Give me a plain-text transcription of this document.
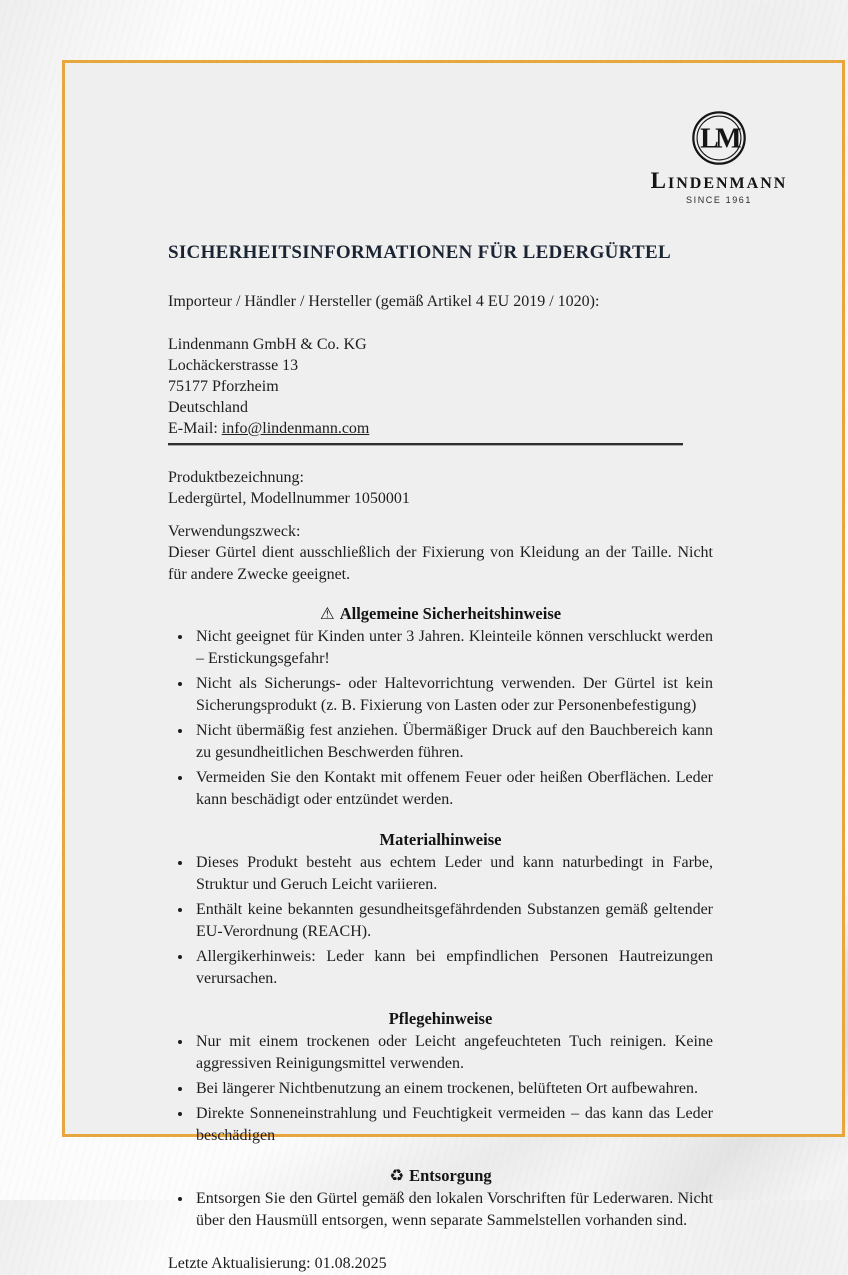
LM
Lindenmann
SINCE 1961
SICHERHEITSINFORMATIONEN FÜR LEDERGÜRTEL

Importeur / Händler / Hersteller (gemäß Artikel 4 EU 2019 / 1020):

Lindenmann GmbH & Co. KG
Lochäckerstrasse 13
75177 Pforzheim
Deutschland
E-Mail: info@lindenmann.com

Produktbezeichnung:
Ledergürtel, Modellnummer 1050001

Verwendungszweck:
Dieser Gürtel dient ausschließlich der Fixierung von Kleidung an der Taille. Nicht für andere Zwecke geeignet.

⚠ Allgemeine Sicherheitshinweise
• Nicht geeignet für Kinden unter 3 Jahren. Kleinteile können verschluckt werden – Erstickungsgefahr!
• Nicht als Sicherungs- oder Haltevorrichtung verwenden. Der Gürtel ist kein Sicherungsprodukt (z. B. Fixierung von Lasten oder zur Personenbefestigung)
• Nicht übermäßig fest anziehen. Übermäßiger Druck auf den Bauchbereich kann zu gesundheitlichen Beschwerden führen.
• Vermeiden Sie den Kontakt mit offenem Feuer oder heißen Oberflächen. Leder kann beschädigt oder entzündet werden.
Materialhinweise
• Dieses Produkt besteht aus echtem Leder und kann naturbedingt in Farbe, Struktur und Geruch Leicht variieren.
• Enthält keine bekannten gesundheitsgefährdenden Substanzen gemäß geltender EU-Verordnung (REACH).
• Allergikerhinweis: Leder kann bei empfindlichen Personen Hautreizungen verursachen.
Pflegehinweise
• Nur mit einem trockenen oder Leicht angefeuchteten Tuch reinigen. Keine aggressiven Reinigungsmittel verwenden.
• Bei längerer Nichtbenutzung an einem trockenen, belüfteten Ort aufbewahren.
• Direkte Sonneneinstrahlung und Feuchtigkeit vermeiden – das kann das Leder beschädigen
♻ Entsorgung
• Entsorgen Sie den Gürtel gemäß den lokalen Vorschriften für Lederwaren. Nicht über den Hausmüll entsorgen, wenn separate Sammelstellen vorhanden sind.

Letzte Aktualisierung: 01.08.2025
